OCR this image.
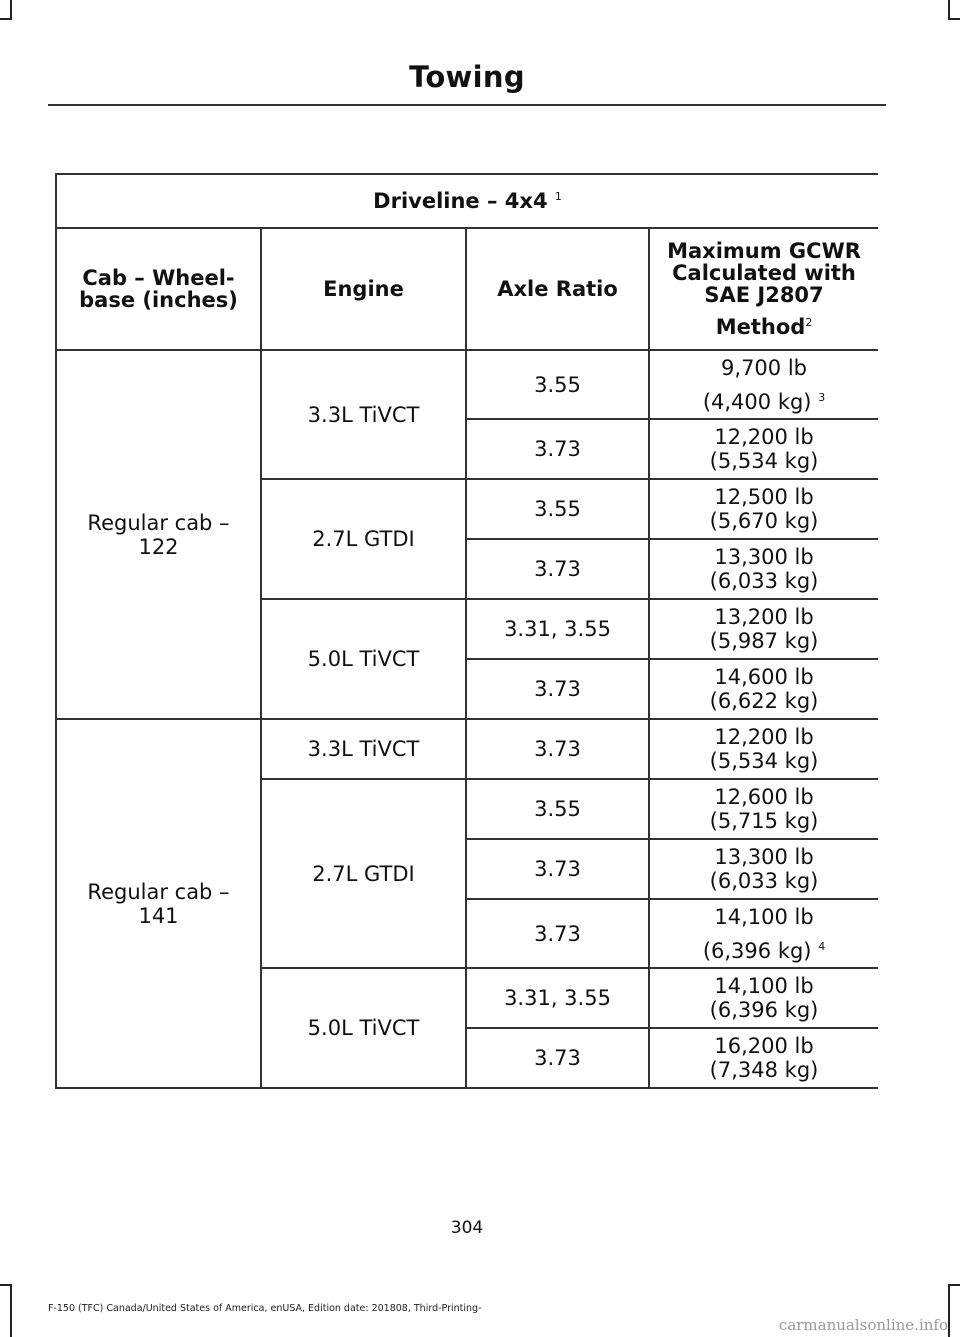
Towing
Driveline – 4x4 $^1$
Cab – Wheel-base (inches)	Engine	Axle Ratio	Maximum GCWR
Calculated with
SAE J2807
Method$^2$

Regular cab –
122	3.3L TiVCT	3.55	9,700 lb
(4,400 kg) $^3$

		3.73	12,200 lb
(5,534 kg)

	2.7L GTDI	3.55	12,500 lb
(5,670 kg)

		3.73	13,300 lb
(6,033 kg)

	5.0L TiVCT	3.31, 3.55	13,200 lb
(5,987 kg)

		3.73	14,600 lb
(6,622 kg)

Regular cab –
141	3.3L TiVCT	3.73	12,200 lb
(5,534 kg)

	2.7L GTDI	3.55	12,600 lb
(5,715 kg)

		3.73	13,300 lb
(6,033 kg)

		3.73	14,100 lb
(6,396 kg) $^4$

	5.0L TiVCT	3.31, 3.55	14,100 lb
(6,396 kg)

		3.73	16,200 lb
(7,348 kg)
304
F-150 (TFC) Canada/United States of America, enUSA, Edition date: 201808, Third-Printing-
carmanualsonline.info
